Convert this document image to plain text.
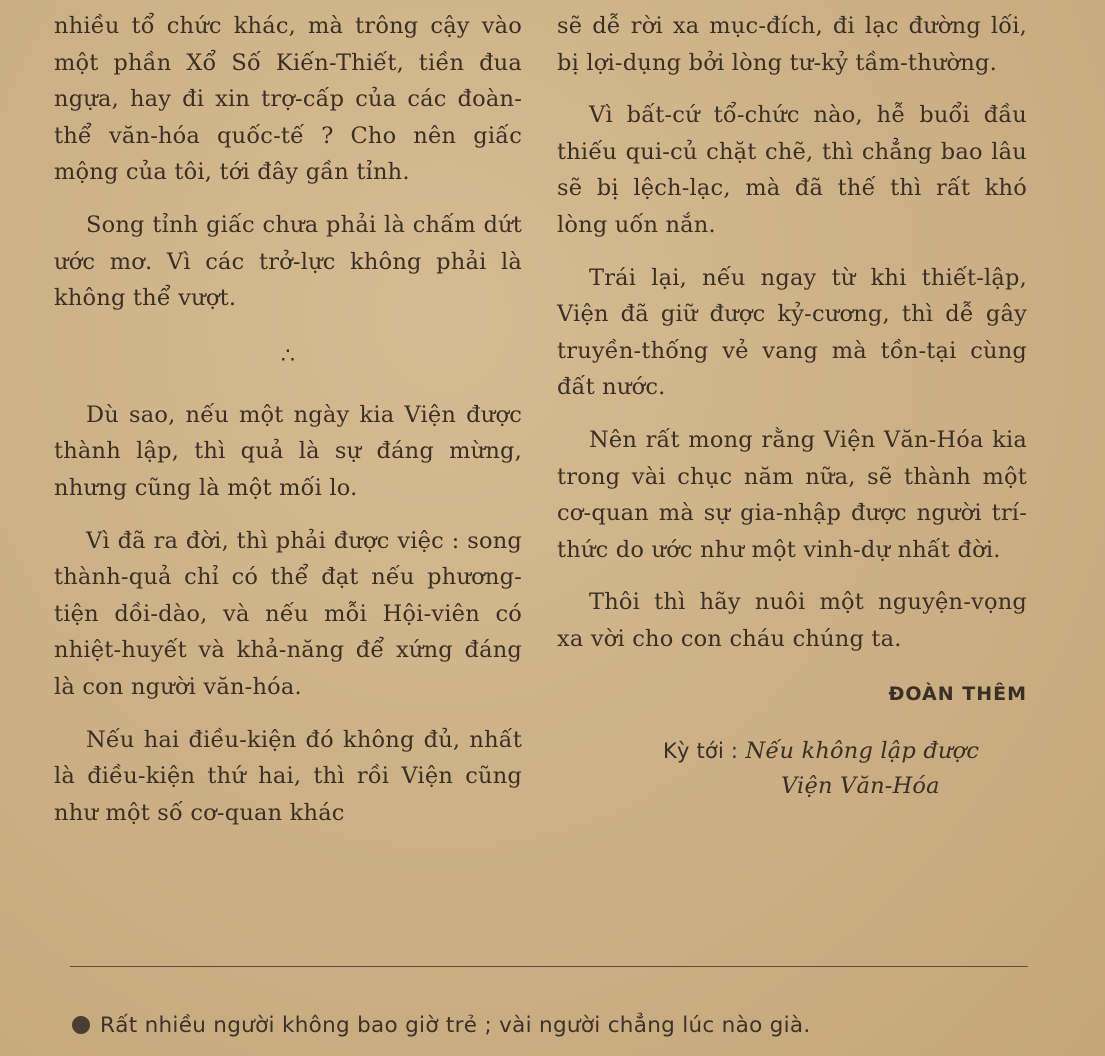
nhiều tổ chức khác, mà trông cậy vào một phần Xổ Số Kiến-Thiết, tiền đua ngựa, hay đi xin trợ-cấp của các đoàn-thể văn-hóa quốc-tế ? Cho nên giấc mộng của tôi, tới đây gần tỉnh.

Song tỉnh giấc chưa phải là chấm dứt ước mơ. Vì các trở-lực không phải là không thể vượt.

∴

Dù sao, nếu một ngày kia Viện được thành lập, thì quả là sự đáng mừng, nhưng cũng là một mối lo.

Vì đã ra đời, thì phải được việc : song thành-quả chỉ có thể đạt nếu phương-tiện dồi-dào, và nếu mỗi Hội-viên có nhiệt-huyết và khả-năng để xứng đáng là con người văn-hóa.

Nếu hai điều-kiện đó không đủ, nhất là điều-kiện thứ hai, thì rồi Viện cũng như một số cơ-quan khác

sẽ dễ rời xa mục-đích, đi lạc đường lối, bị lợi-dụng bởi lòng tư-kỷ tầm-thường.

Vì bất-cứ tổ-chức nào, hễ buổi đầu thiếu qui-củ chặt chẽ, thì chẳng bao lâu sẽ bị lệch-lạc, mà đã thế thì rất khó lòng uốn nắn.

Trái lại, nếu ngay từ khi thiết-lập, Viện đã giữ được kỷ-cương, thì dễ gây truyền-thống vẻ vang mà tồn-tại cùng đất nước.

Nên rất mong rằng Viện Văn-Hóa kia trong vài chục năm nữa, sẽ thành một cơ-quan mà sự gia-nhập được người trí-thức do ước như một vinh-dự nhất đời.

Thôi thì hãy nuôi một nguyện-vọng xa vời cho con cháu chúng ta.

ĐOÀN THÊM

Kỳ tới : Nếu không lập được
Viện Văn-Hóa

Rất nhiều người không bao giờ trẻ ; vài người chẳng lúc nào già.
